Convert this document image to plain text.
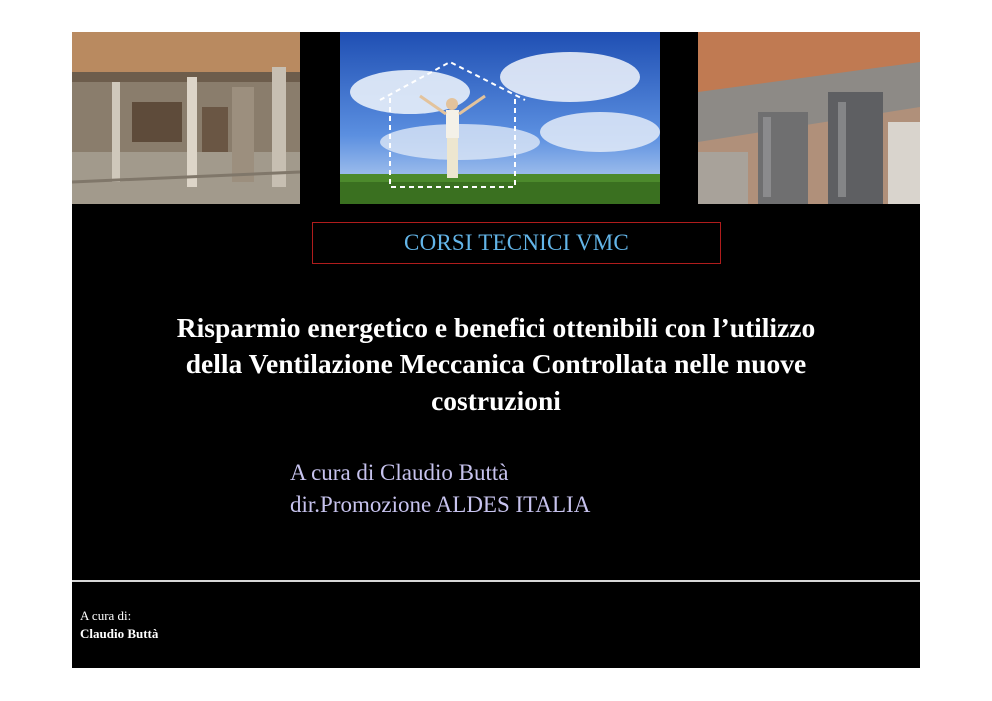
CORSI TECNICI VMC
Risparmio energetico e benefici ottenibili con l’utilizzo
della Ventilazione Meccanica Controllata nelle nuove
costruzioni
A cura di Claudio Buttà
dir.Promozione ALDES ITALIA
A cura di:
Claudio Buttà
